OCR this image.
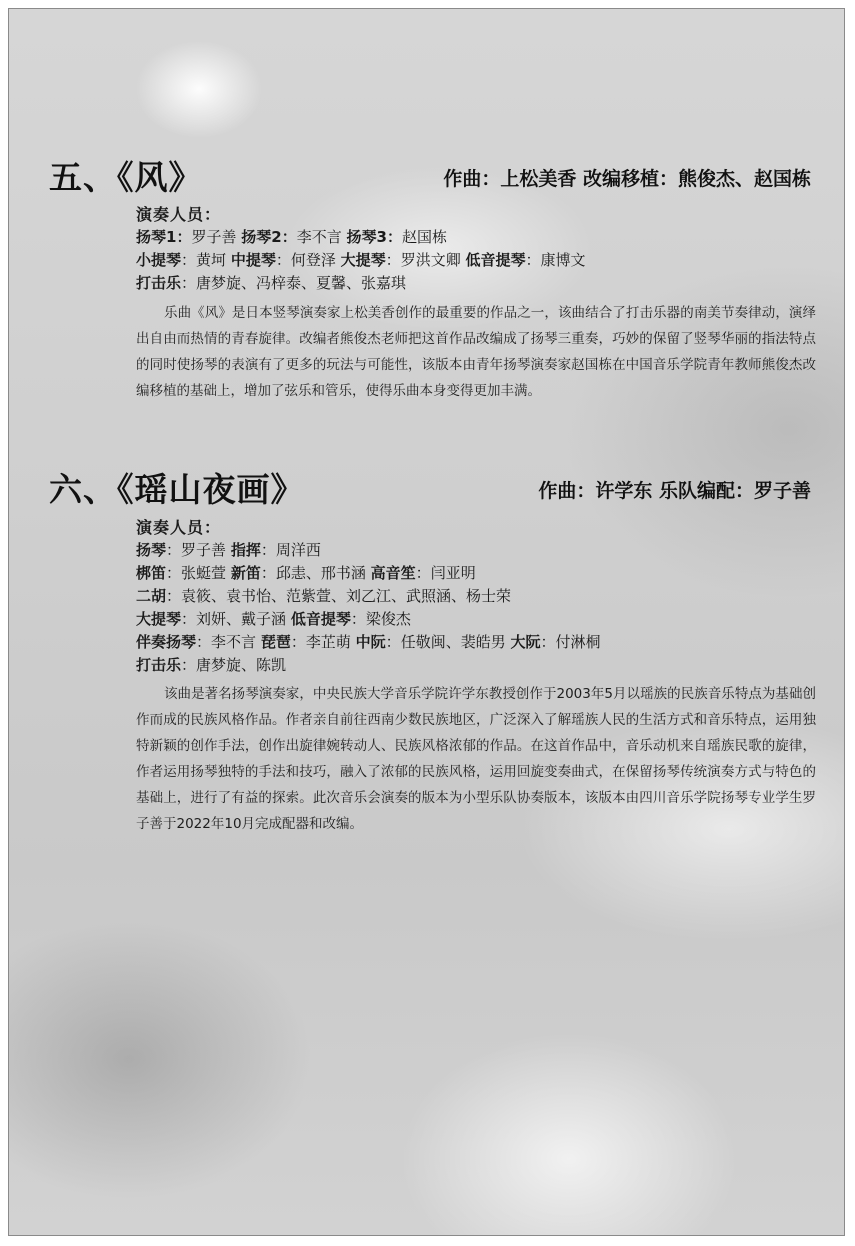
五、《风》	作曲：上松美香 改编移植：熊俊杰、赵国栋
演奏人员：
扬琴1：罗子善 扬琴2：李不言 扬琴3：赵国栋
小提琴：黄坷 中提琴：何登泽 大提琴：罗洪文卿 低音提琴：康博文
打击乐：唐梦旋、冯梓泰、夏馨、张嘉琪
乐曲《风》是日本竖琴演奏家上松美香创作的最重要的作品之一，该曲结合了打击乐器的南美节奏律动，演绎出自由而热情的青春旋律。改编者熊俊杰老师把这首作品改编成了扬琴三重奏，巧妙的保留了竖琴华丽的指法特点的同时使扬琴的表演有了更多的玩法与可能性，该版本由青年扬琴演奏家赵国栋在中国音乐学院青年教师熊俊杰改编移植的基础上，增加了弦乐和管乐，使得乐曲本身变得更加丰满。
六、《瑶山夜画》	作曲：许学东 乐队编配：罗子善
演奏人员：
扬琴：罗子善 指挥：周洋西
梆笛：张蜓萱 新笛：邱恚、邢书涵 高音笙：闫亚明
二胡：袁筱、袁书怡、范紫萱、刘乙江、武照涵、杨士荣
大提琴：刘妍、戴子涵 低音提琴：梁俊杰
伴奏扬琴：李不言 琵琶：李芷萌 中阮：任敬闽、裴皓男 大阮：付淋桐
打击乐：唐梦旋、陈凯
该曲是著名扬琴演奏家，中央民族大学音乐学院许学东教授创作于2003年5月以瑶族的民族音乐特点为基础创作而成的民族风格作品。作者亲自前往西南少数民族地区，广泛深入了解瑶族人民的生活方式和音乐特点，运用独特新颖的创作手法，创作出旋律婉转动人、民族风格浓郁的作品。在这首作品中，音乐动机来自瑶族民歌的旋律，作者运用扬琴独特的手法和技巧，融入了浓郁的民族风格，运用回旋变奏曲式，在保留扬琴传统演奏方式与特色的基础上，进行了有益的探索。此次音乐会演奏的版本为小型乐队协奏版本，该版本由四川音乐学院扬琴专业学生罗子善于2022年10月完成配器和改编。
